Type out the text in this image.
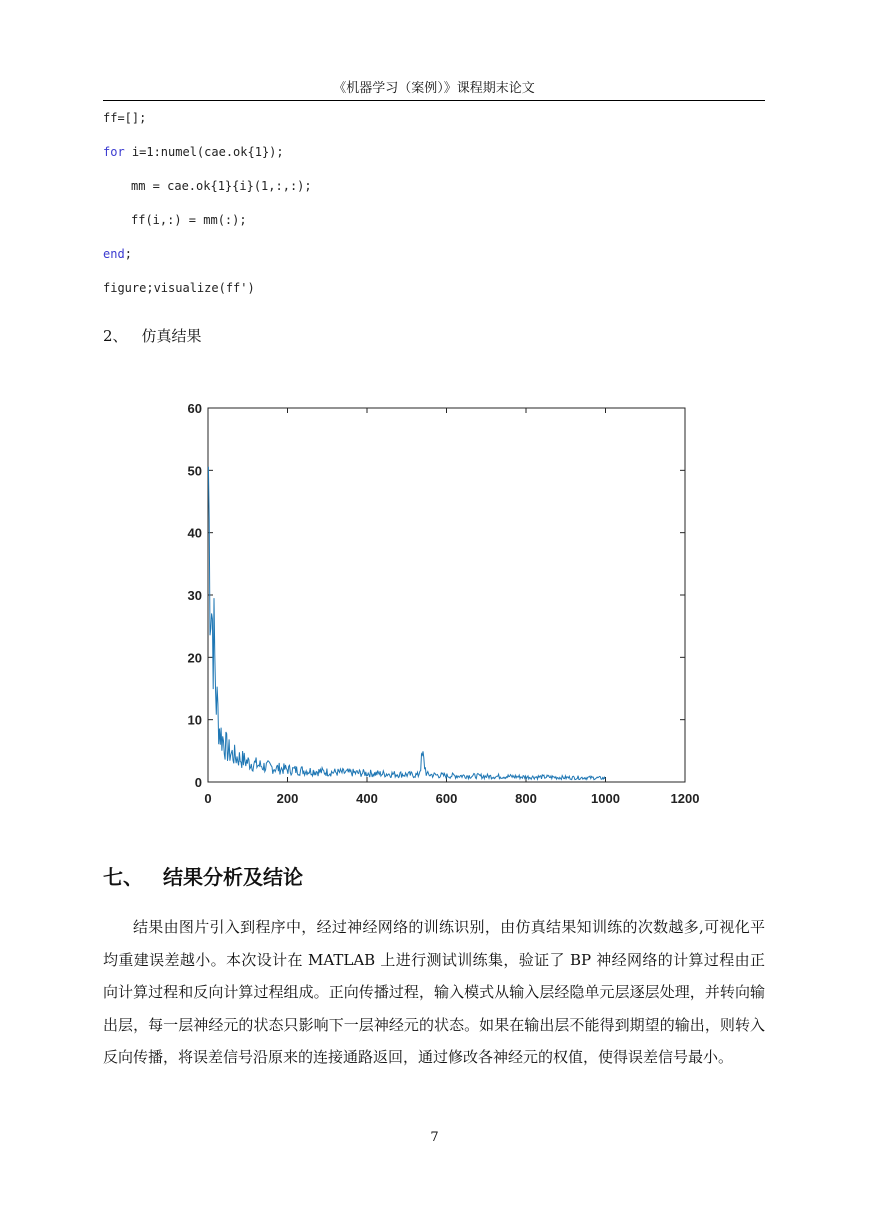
《机器学习（案例）》课程期末论文
ff=[];
for i=1:numel(cae.ok{1});
mm = cae.ok{1}{i}(1,:,:);
ff(i,:) = mm(:);
end;
figure;visualize(ff')
2、 仿真结果
0
10
20
30
40
50
60
0	200	400	600	800	1000	1200
七、 结果分析及结论
结果由图片引入到程序中，经过神经网络的训练识别，由仿真结果知训练的次数越多,可视化平均重建误差越小。本次设计在 MATLAB 上进行测试训练集，验证了 BP 神经网络的计算过程由正向计算过程和反向计算过程组成。正向传播过程，输入模式从输入层经隐单元层逐层处理，并转向输出层，每一层神经元的状态只影响下一层神经元的状态。如果在输出层不能得到期望的输出，则转入反向传播，将误差信号沿原来的连接通路返回，通过修改各神经元的权值，使得误差信号最小。
7
